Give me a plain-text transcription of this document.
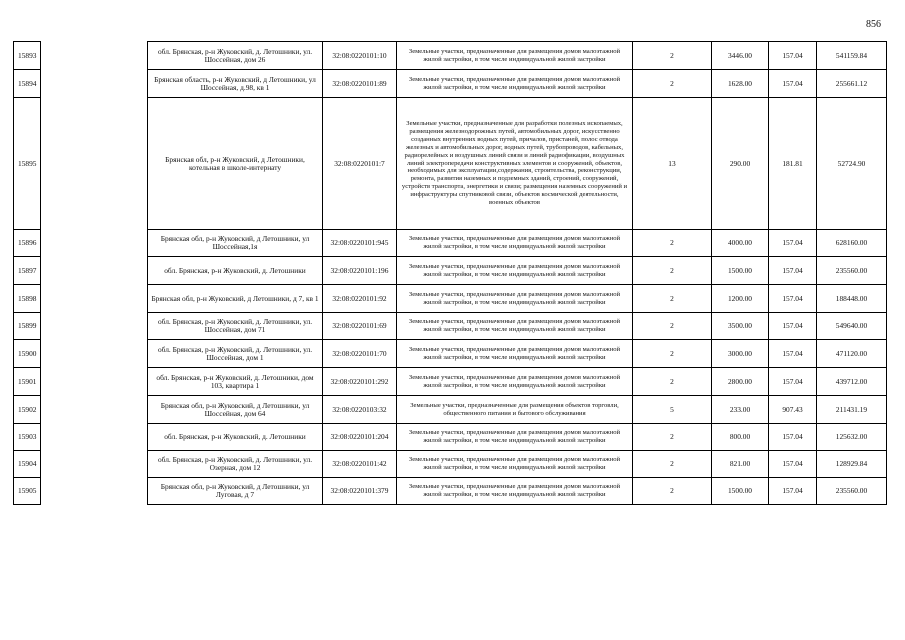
856
15893		обл. Брянская, р-н Жуковский, д. Летошники, ул. Шоссейная, дом 26	32:08:0220101:10	Земельные участки, предназначенные для размещения домов малоэтажной жилой застройки, в том числе индивидуальной жилой застройки	2	3446.00	157.04	541159.84
15894		Брянская область, р-н Жуковский, д Летошники, ул Шоссейная, д.98, кв 1	32:08:0220101:89	Земельные участки, предназначенные для размещения домов малоэтажной жилой застройки, в том числе индивидуальной жилой застройки	2	1628.00	157.04	255661.12
15895		Брянская обл, р-н Жуковский, д Летошники, котельная в школе-интернату	32:08:0220101:7	Земельные участки, предназначенные для разработки полезных ископаемых, размещения железнодорожных путей, автомобильных дорог, искусственно созданных внутренних водных путей, причалов, пристаней, полос отвода железных и автомобильных дорог, водных путей, трубопроводов, кабельных, радиорелейных и воздушных линий связи и линий радиофикации, воздушных линий электропередачи конструктивных элементов и сооружений, объектов, необходимых для эксплуатации,содержания, строительства, реконструкции, ремонта, развития наземных и подземных зданий, строений, сооружений, устройств транспорта, энергетики и связи; размещения наземных сооружений и инфраструктуры спутниковой связи, объектов космической деятельности, военных объектов	13	290.00	181.81	52724.90
15896		Брянская обл, р-н Жуковский, д Летошники, ул Шоссейная,1я	32:08:0220101:945	Земельные участки, предназначенные для размещения домов малоэтажной жилой застройки, в том числе индивидуальной жилой застройки	2	4000.00	157.04	628160.00
15897		обл. Брянская, р-н Жуковский, д. Летошники	32:08:0220101:196	Земельные участки, предназначенные для размещения домов малоэтажной жилой застройки, в том числе индивидуальной жилой застройки	2	1500.00	157.04	235560.00
15898		Брянская обл, р-н Жуковский, д Летошники, д 7, кв 1	32:08:0220101:92	Земельные участки, предназначенные для размещения домов малоэтажной жилой застройки, в том числе индивидуальной жилой застройки	2	1200.00	157.04	188448.00
15899		обл. Брянская, р-н Жуковский, д. Летошники, ул. Шоссейная, дом 71	32:08:0220101:69	Земельные участки, предназначенные для размещения домов малоэтажной жилой застройки, в том числе индивидуальной жилой застройки	2	3500.00	157.04	549640.00
15900		обл. Брянская, р-н Жуковский, д. Летошники, ул. Шоссейная, дом 1	32:08:0220101:70	Земельные участки, предназначенные для размещения домов малоэтажной жилой застройки, в том числе индивидуальной жилой застройки	2	3000.00	157.04	471120.00
15901		обл. Брянская, р-н Жуковский, д. Летошники, дом 103, квартира 1	32:08:0220101:292	Земельные участки, предназначенные для размещения домов малоэтажной жилой застройки, в том числе индивидуальной жилой застройки	2	2800.00	157.04	439712.00
15902		Брянская обл, р-н Жуковский, д Летошники, ул Шоссейная, дом 64	32:08:0220103:32	Земельные участки, предназначенные для размещения объектов торговли, общественного питания и бытового обслуживания	5	233.00	907.43	211431.19
15903		обл. Брянская, р-н Жуковский, д. Летошники	32:08:0220101:204	Земельные участки, предназначенные для размещения домов малоэтажной жилой застройки, в том числе индивидуальной жилой застройки	2	800.00	157.04	125632.00
15904		обл. Брянская, р-н Жуковский, д. Летошники, ул. Озерная, дом 12	32:08:0220101:42	Земельные участки, предназначенные для размещения домов малоэтажной жилой застройки, в том числе индивидуальной жилой застройки	2	821.00	157.04	128929.84
15905		Брянская обл, р-н Жуковский, д Летошники, ул Луговая, д 7	32:08:0220101:379	Земельные участки, предназначенные для размещения домов малоэтажной жилой застройки, в том числе индивидуальной жилой застройки	2	1500.00	157.04	235560.00
